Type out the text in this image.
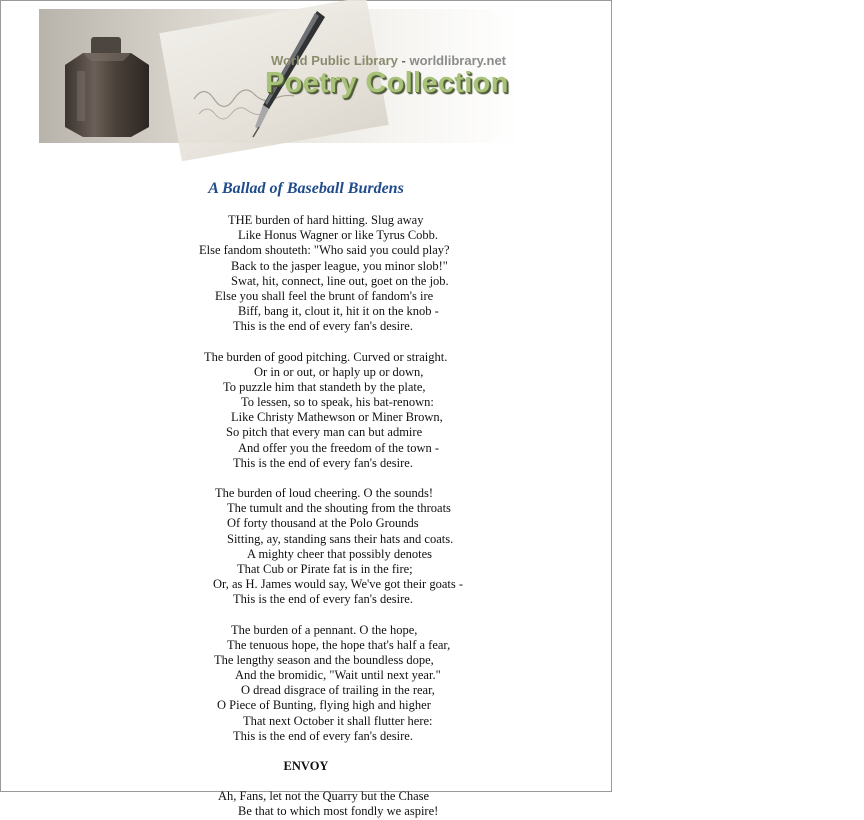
World Public Library - worldlibrary.net
Poetry Collection
A Ballad of Baseball Burdens
THE burden of hard hitting. Slug away
Like Honus Wagner or like Tyrus Cobb.
Else fandom shouteth: "Who said you could play?
Back to the jasper league, you minor slob!"
Swat, hit, connect, line out, goet on the job.
Else you shall feel the brunt of fandom's ire
Biff, bang it, clout it, hit it on the knob -
This is the end of every fan's desire.
The burden of good pitching. Curved or straight.
Or in or out, or haply up or down,
To puzzle him that standeth by the plate,
To lessen, so to speak, his bat-renown:
Like Christy Mathewson or Miner Brown,
So pitch that every man can but admire
And offer you the freedom of the town -
This is the end of every fan's desire.
The burden of loud cheering. O the sounds!
The tumult and the shouting from the throats
Of forty thousand at the Polo Grounds
Sitting, ay, standing sans their hats and coats.
A mighty cheer that possibly denotes
That Cub or Pirate fat is in the fire;
Or, as H. James would say, We've got their goats -
This is the end of every fan's desire.
The burden of a pennant. O the hope,
The tenuous hope, the hope that's half a fear,
The lengthy season and the boundless dope,
And the bromidic, "Wait until next year."
O dread disgrace of trailing in the rear,
O Piece of Bunting, flying high and higher
That next October it shall flutter here:
This is the end of every fan's desire.
ENVOY
Ah, Fans, let not the Quarry but the Chase
Be that to which most fondly we aspire!
